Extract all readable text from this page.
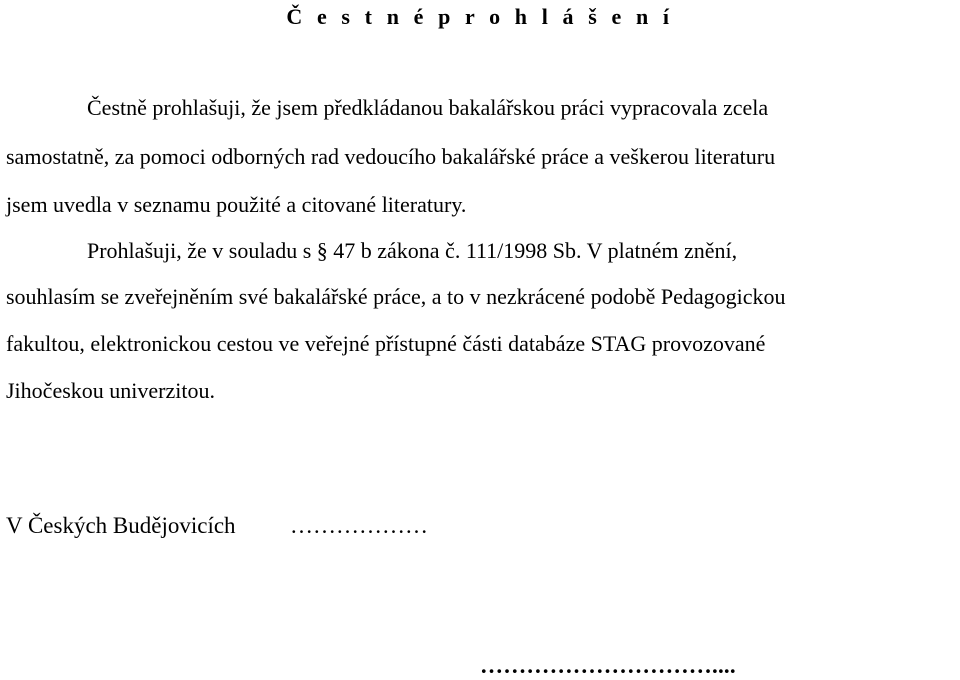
Č e s t n é p r o h l á š e n í
Čestně prohlašuji, že jsem předkládanou bakalářskou práci vypracovala zcela
samostatně, za pomoci odborných rad vedoucího bakalářské práce a veškerou literaturu
jsem uvedla v seznamu použité a citované literatury.
Prohlašuji, že v souladu s § 47 b zákona č. 111/1998 Sb. V platném znění,
souhlasím se zveřejněním své bakalářské práce, a to v nezkrácené podobě Pedagogickou
fakultou, elektronickou cestou ve veřejné přístupné části databáze STAG provozované
Jihočeskou univerzitou.
V Českých Budějovicích ………………
…………………………....
